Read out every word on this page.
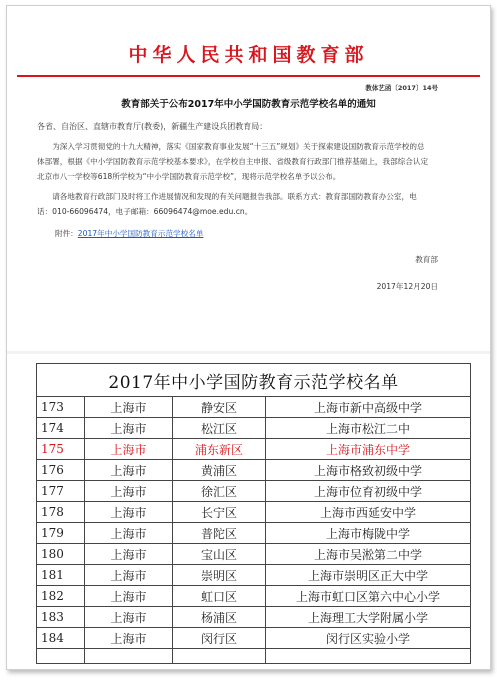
中华人民共和国教育部
教体艺函〔2017〕14号
教育部关于公布2017年中小学国防教育示范学校名单的通知
各省、自治区、直辖市教育厅(教委)，新疆生产建设兵团教育局：
为深入学习贯彻党的十九大精神，落实《国家教育事业发展“十三五”规划》关于探索建设国防教育示范学校的总体部署，根据《中小学国防教育示范学校基本要求》，在学校自主申报、省级教育行政部门推荐基础上，我部综合认定北京市八一学校等618所学校为“中小学国防教育示范学校”，现将示范学校名单予以公布。
请各地教育行政部门及时将工作进展情况和发现的有关问题报告我部。联系方式：教育部国防教育办公室，电话：010-66096474，电子邮箱：66096474@moe.edu.cn。
附件：2017年中小学国防教育示范学校名单
教育部
2017年12月20日
2017年中小学国防教育示范学校名单			
173	上海市	静安区	上海市新中高级中学
174	上海市	松江区	上海市松江二中
175	上海市	浦东新区	上海市浦东中学
176	上海市	黄浦区	上海市格致初级中学
177	上海市	徐汇区	上海市位育初级中学
178	上海市	长宁区	上海市西延安中学
179	上海市	普陀区	上海市梅陇中学
180	上海市	宝山区	上海市吴淞第二中学
181	上海市	崇明区	上海市崇明区正大中学
182	上海市	虹口区	上海市虹口区第六中心小学
183	上海市	杨浦区	上海理工大学附属小学
184	上海市	闵行区	闵行区实验小学
